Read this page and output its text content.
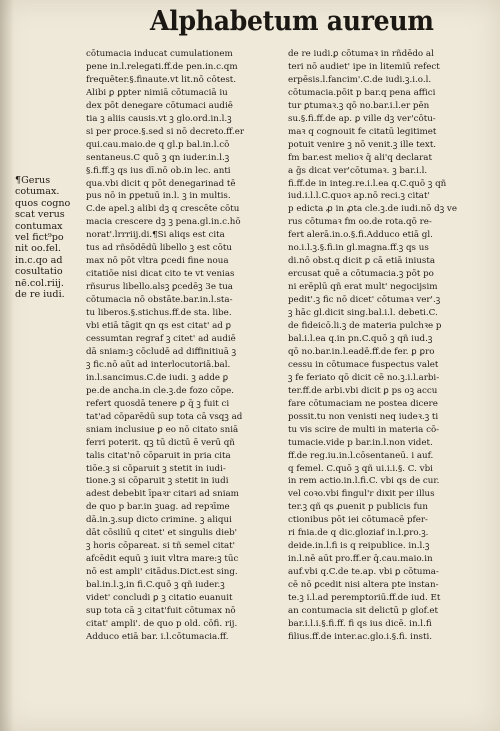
Alphabetum aureum
¶Gerus
cotumax.
quos cogno
scat verus
contumax
vel fict⁹po
nit oo.fel.
in.c.qo ad
cosultatio
nē.col.riij.
de re iudi.
cōtumacia inducat cumulationem
pene in.l.relegati.ff.de pen.in.c.qm
frequēter.§.finaute.vt lit.nō cōtest.
Alibi ꝑ ꝑpter nimiā cōtumaciā iu
dex pōt denegare cōtumaci audiē
tia ꝫ aliis causis.vt ꝫ glo.ord.in.l.ꝫ
si per ꝑroce.§.sed si nō decreto.ff.er
qui.cau.maio.de q gl.p bal.in.l.cō
sentaneus.C quō ꝫ qn iuder.in.l.ꝫ
§.fi.ff.ꝫ qs ius dī.nō ob.in lec. anti
qua.vbi dicit q pōt denegarinad tē
pus nō in ꝑpetuū in.l. ꝫ in multis.
C.de apel.ꝫ alibi dꝫ q crescēte cōtu
macia crescere dꝫ ꝫ pena.gl.in.c.hō
norat'.lrrriij.di.¶Si aliqs est cita
tus ad rñsōdēdū libello ꝫ est cōtu
max nō pōt vltra ꝑcedi fine noua
citatiōe nisi dicat cito te vt venias
rñsurus libello.alsꝫ ꝑcedēꝫ 3e tua
cōtumacia nō obstāte.bar.in.l.sta-
tu liberos.§.stichus.ff.de sta. libe.
vbi etiā tāgit qn qs est citat' ad ꝑ
cessumtan regraf ꝫ citet' ad audiē
dā sniam:ꝫ cōcludē ad diffinitiuā ꝫ
ꝫ fic.nō aūt ad interlocutoriā.bal.
in.l.sancimus.C.de iudi. ꝫ adde ꝑ
pe.de ancha.in cle.ꝫ.de fozo cōpe.
refert quosdā tenere ꝑ q̄ ꝫ fuit ci
tat'ad cōparēdū sup tota cā vsqꝫ ad
sniam inclusiue ꝑ eo nō citato sniā
ferri poterit. qꝫ tū dictū ē verū qñ
talis citat'nō cōparuit in pria cita
tiōe.ꝫ si cōparuit ꝫ stetit in iudi-
tione.ꝫ si cōparuit ꝫ stetit in iudi
adest debebit īpaꝛr citari ad sniam
de quo p bar.in ꝫuag. ad repꝛīme
dā.in.ꝫ.sup dicto crimine. ꝫ aliqui
dāt cōsiliū q citet' et singulis dieb'
ꝫ horis cōpareat. si tñ semel citat'
afcēdit equū ꝫ iuit vltra mare:ꝫ tūc
nō est ampli' citādus.Dict.est sing.
bal.in.l.ꝫ,in fi.C.quō ꝫ qñ iuder.ꝫ
videt' concludi ꝑ ꝫ citatio euanuit
sup tota cā ꝫ citat'fuit cōtumax nō
citat' ampli'. de quo p old. cōfi. rij.
Adduco etiā bar. i.l.cōtumacia.ff.
de re iudi.ꝑ cōtumaꝛ in rñdēdo al
teri nō audiet' ipe in litemiū refect
erpēsis.l.fancim'.C.de iudi.ꝫ.i.o.l.
cōtumacia.pōit p bar.q pena affici
tur ꝑtumaꝛ.ꝫ qō no.bar.i.l.er pēn
su.§.fi.ff.de ap. ꝑ ville dꝫ ver'cōtu-
maꝛ q cognouit fe citatū legitimet
potuit venire ꝫ nō venit.ꝫ ille text.
fm bar.est melioꝛ q̄ ali'q declarat
a ḡs dicat ver'cōtumaꝛ. ꝫ bar.i.l.
fi.ff.de in integ.re.i.l.ea q.C.quō ꝫ qñ
iud.i.l.l.C.quoꝛ ap.nō reci.ꝫ citat'
p edicta ꝓ in ꝓta cle.ꝫ.de iudi.nō dꝫ ve
rus cōtumaꝛ fm oo.de rota.qō re-
fert alerā.in.o.§.fi.Adduco etiā gl.
no.i.l.ꝫ.§.fi.in gl.magna.ff.ꝫ qs us
di.nō obst.q dicit ꝑ cā etiā iniusta
ercusat quē a cōtumacia.ꝫ pōt po
ni erēplū qñ erat mult' negocijsim
pedit'.ꝫ fic nō dicet' cōtumaꝛ ver'.ꝫ
ꝫ hāc gl.dicit sing.bal.i.l. debeti.C.
de fideicō.li.ꝫ de materia pulchꝛe p
bal.i.l.ea q.in pn.C.quō ꝫ qñ iud.ꝫ
qō no.bar.in.l.eadē.ff.de fer. ꝑ ꝑro
cessu in cōtumace fuspectus valet
ꝫ fe feriato qō dicit cē no.ꝫ.i.l.arbi-
ter.ff.de arbi.vbi dicit ꝑ ps oꝫ accu
fare cōtumaciam ne postea dicere
possit.tu non venisti neq iudeꝛ.ꝫ ti
tu vis scire de multi in materia cō-
tumacie.vide p bar.in.l.non videt.
ff.de reg.iu.in.l.cōsentaneū. i auf.
q femel. C.quō ꝫ qñ ui.i.i.§. C. vbi
in rem actio.in.l.fi.C. vbi qs de cur.
vel coꝛo.vbi fingul'r dixit per illus
ter.ꝫ qñ qs ꝓuenit p publicis fun
ctionibus pōt iei cōtumacē pfer-
ri fnia.de q dic.gloziaf in.l.ꝑro.ꝫ.
deide.in.l.fi is q reipublice. in.l.ꝫ
in.l.nē aūt pro.ff.er q̄.cau.maio.in
auf.vbi q.C.de te.ap. vbi ꝑ cōtuma-
cē nō ꝑcedit nisi altera pte instan-
te.ꝫ i.l.ad peremptoriū.ff.de iud. Et
an contumacia sit delictū p glof.et
bar.i.l.i.§.fi.ff. fi qs ius dicē. in.l.fi
filius.ff.de inter.ac.glo.i.§.fi. insti.
